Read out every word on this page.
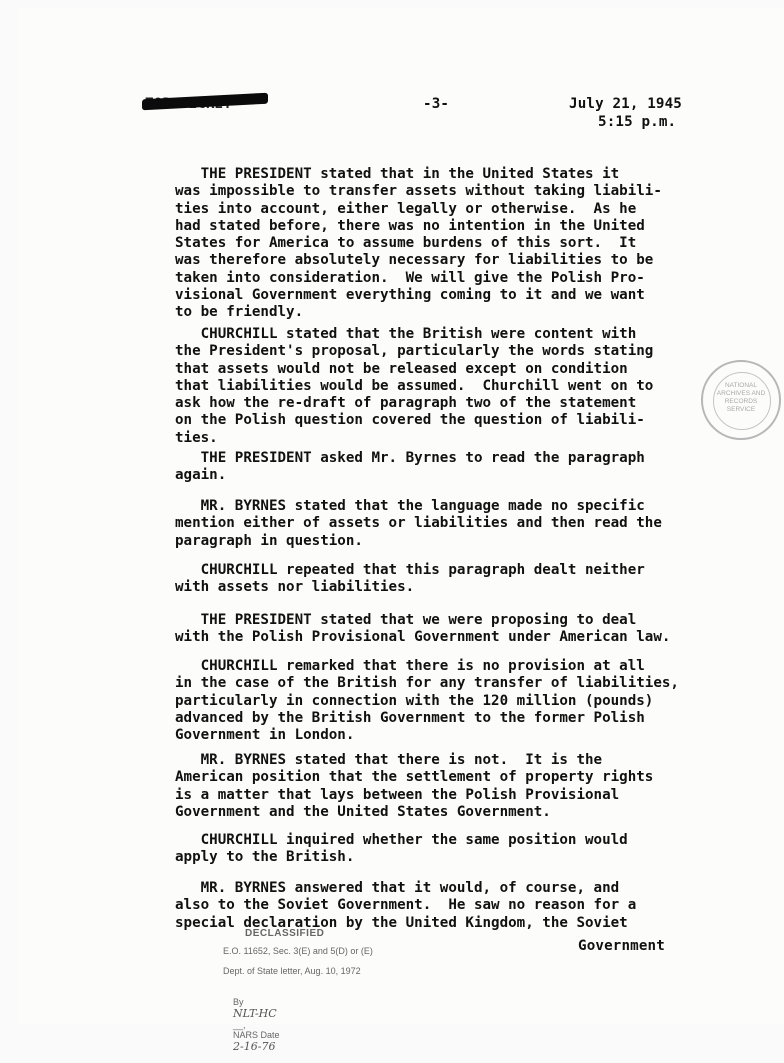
-3-	July 21, 1945
5:15 p.m.
THE PRESIDENT stated that in the United States it
was impossible to transfer assets without taking liabili-
ties into account, either legally or otherwise.  As he
had stated before, there was no intention in the United
States for America to assume burdens of this sort.  It
was therefore absolutely necessary for liabilities to be
taken into consideration.  We will give the Polish Pro-
visional Government everything coming to it and we want
to be friendly.
CHURCHILL stated that the British were content with
the President's proposal, particularly the words stating
that assets would not be released except on condition
that liabilities would be assumed.  Churchill went on to
ask how the re-draft of paragraph two of the statement
on the Polish question covered the question of liabili-
ties.
THE PRESIDENT asked Mr. Byrnes to read the paragraph
again.
MR. BYRNES stated that the language made no specific
mention either of assets or liabilities and then read the
paragraph in question.
CHURCHILL repeated that this paragraph dealt neither
with assets nor liabilities.
THE PRESIDENT stated that we were proposing to deal
with the Polish Provisional Government under American law.
CHURCHILL remarked that there is no provision at all
in the case of the British for any transfer of liabilities,
particularly in connection with the 120 million (pounds)
advanced by the British Government to the former Polish
Government in London.
MR. BYRNES stated that there is not.  It is the
American position that the settlement of property rights
is a matter that lays between the Polish Provisional
Government and the United States Government.
CHURCHILL inquired whether the same position would
apply to the British.
MR. BYRNES answered that it would, of course, and
also to the Soviet Government.  He saw no reason for a
special declaration by the United Kingdom, the Soviet
Government
NATIONAL
ARCHIVES AND
RECORDS
SERVICE
DECLASSIFIED
E.O. 11652, Sec. 3(E) and 5(D) or (E)
Dept. of State letter, Aug. 10, 1972

By
NLT-HC
__,
NARS Date
2-16-76
